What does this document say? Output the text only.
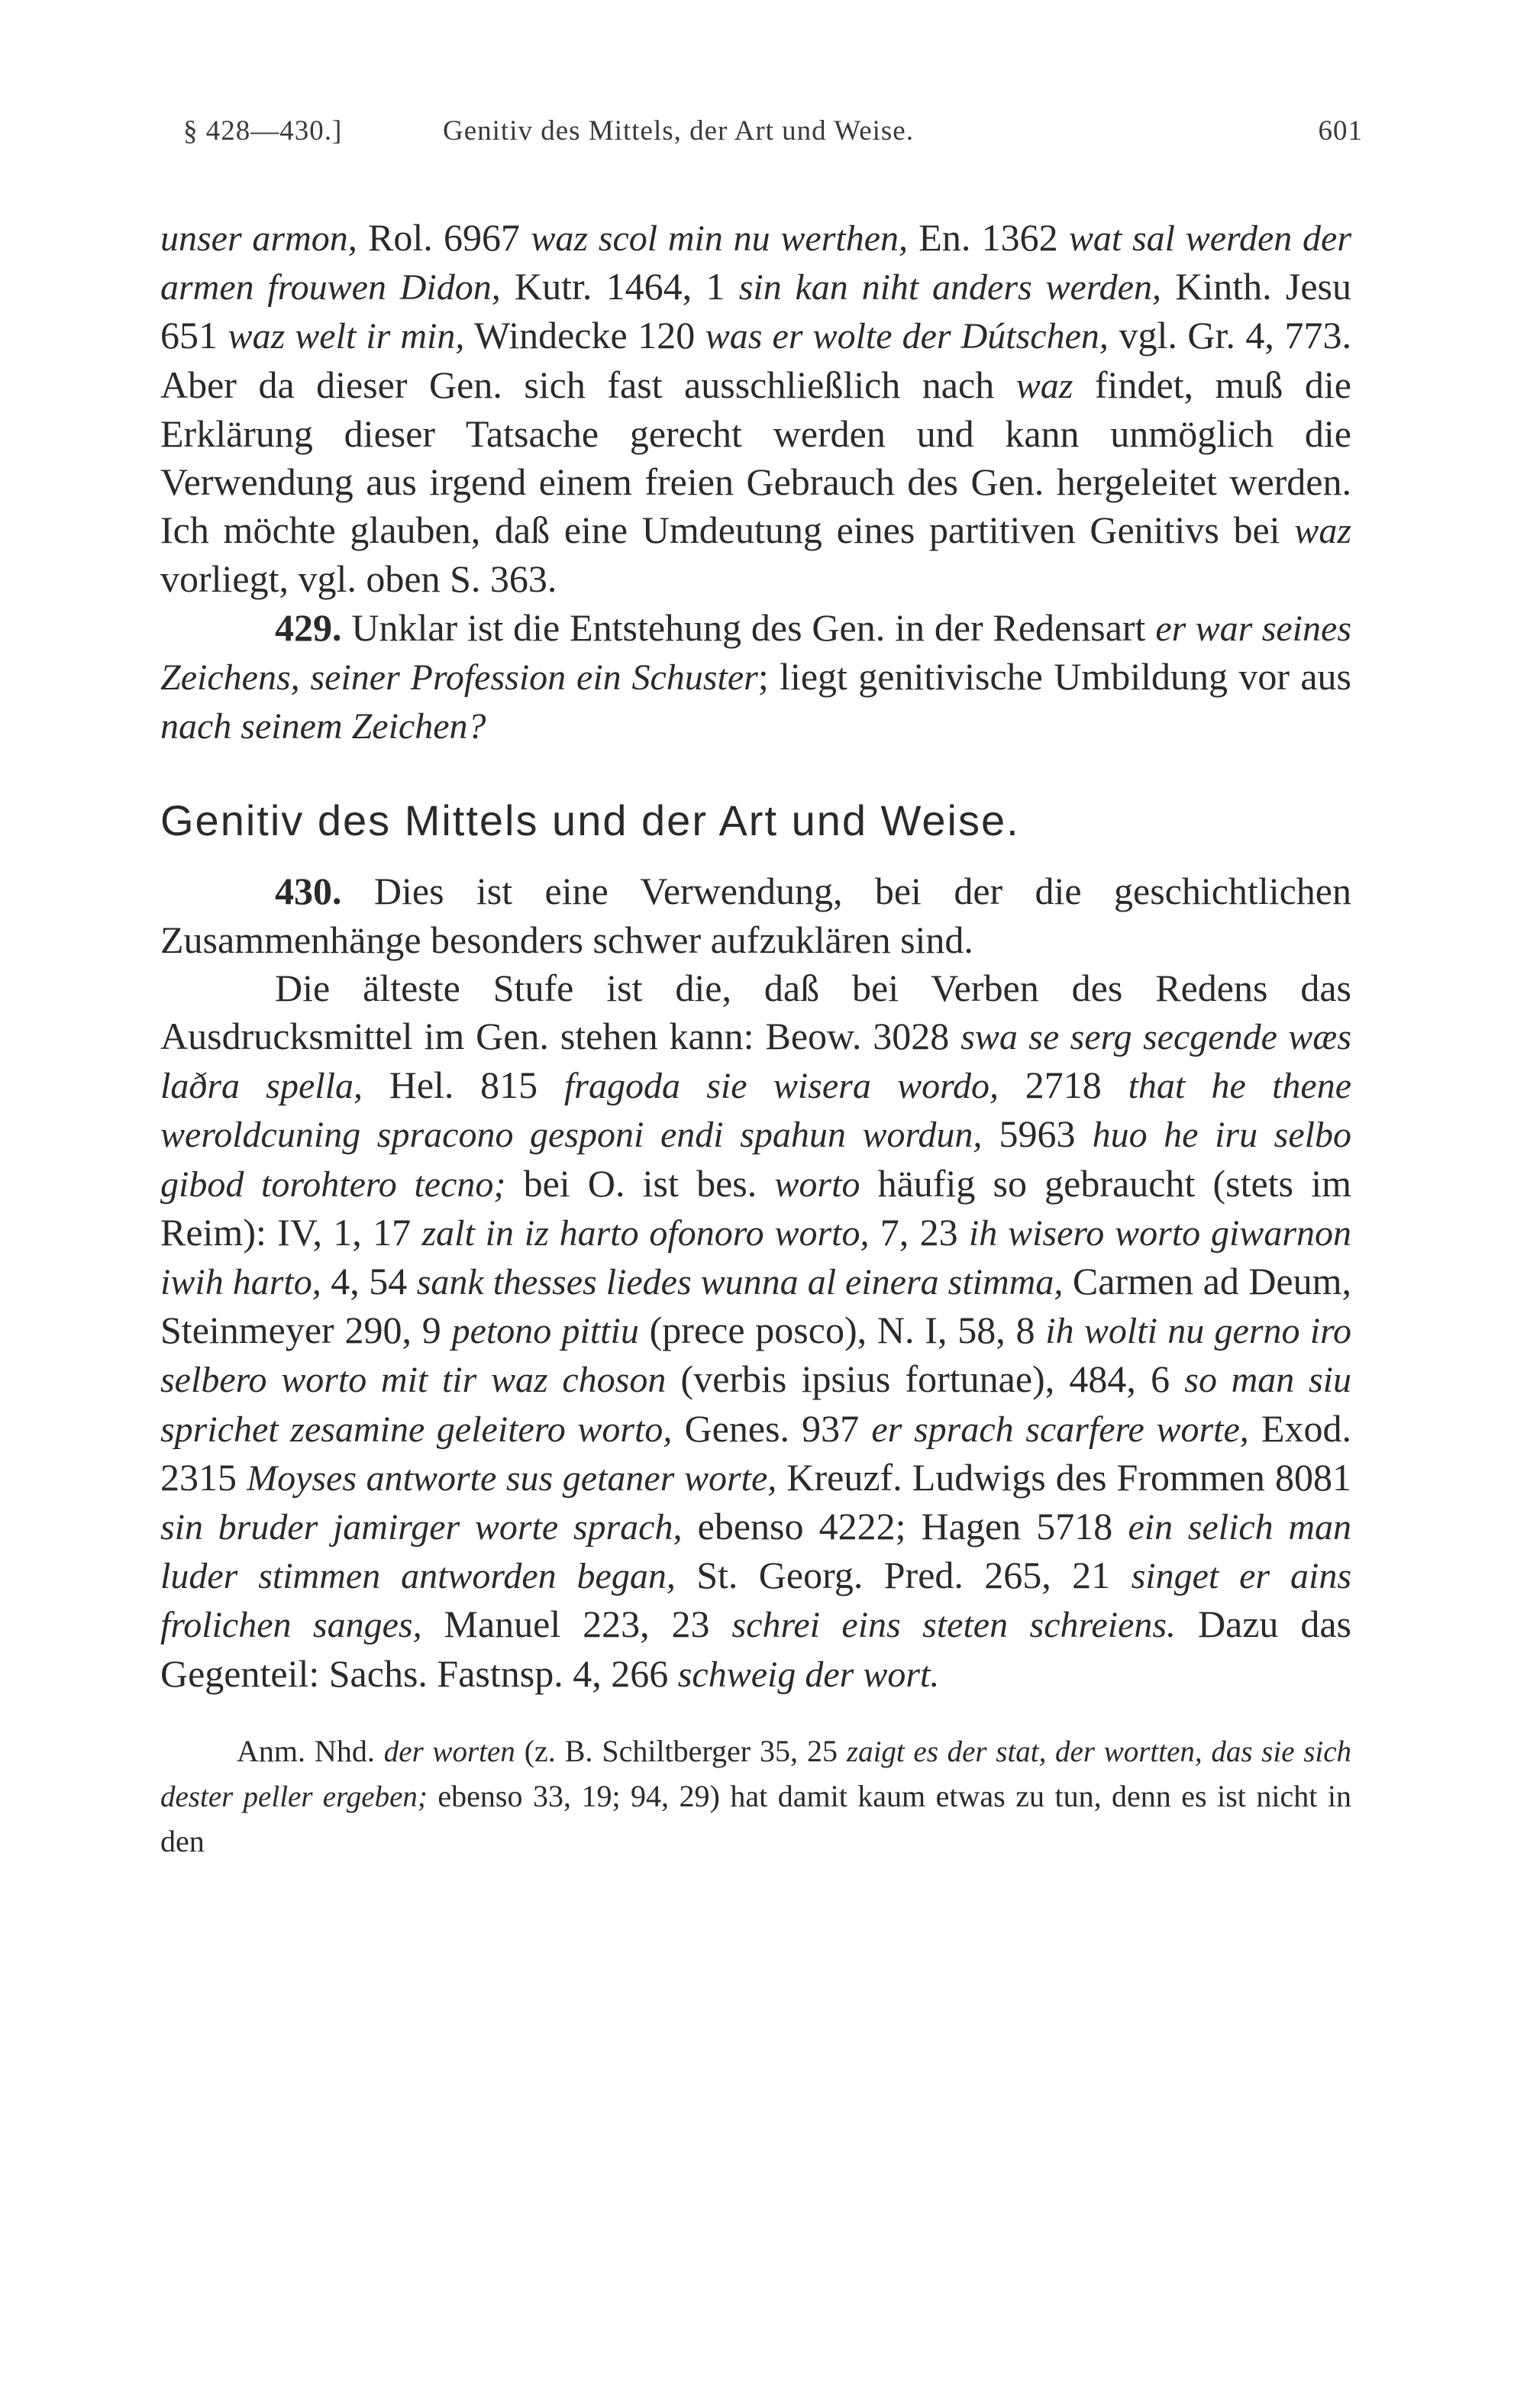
§ 428—430.]	Genitiv des Mittels, der Art und Weise.	601

unser armon, Rol. 6967 waz scol min nu werthen, En. 1362 wat sal werden der armen frouwen Didon, Kutr. 1464, 1 sin kan niht anders werden, Kinth. Jesu 651 waz welt ir min, Windecke 120 was er wolte der Dútschen, vgl. Gr. 4, 773. Aber da dieser Gen. sich fast ausschließlich nach waz findet, muß die Erklärung dieser Tatsache gerecht werden und kann unmöglich die Verwendung aus irgend einem freien Gebrauch des Gen. hergeleitet werden. Ich möchte glauben, daß eine Umdeutung eines partitiven Genitivs bei waz vorliegt, vgl. oben S. 363.

429. Unklar ist die Entstehung des Gen. in der Redensart er war seines Zeichens, seiner Profession ein Schuster; liegt genitivische Umbildung vor aus nach seinem Zeichen?

Genitiv des Mittels und der Art und Weise.

430. Dies ist eine Verwendung, bei der die geschichtlichen Zusammenhänge besonders schwer aufzuklären sind.

Die älteste Stufe ist die, daß bei Verben des Redens das Ausdrucksmittel im Gen. stehen kann: Beow. 3028 swa se serg secgende wæs laðra spella, Hel. 815 fragoda sie wisera wordo, 2718 that he thene weroldcuning spracono gesponi endi spahun wordun, 5963 huo he iru selbo gibod torohtero tecno; bei O. ist bes. worto häufig so gebraucht (stets im Reim): IV, 1, 17 zalt in iz harto ofonoro worto, 7, 23 ih wisero worto giwarnon iwih harto, 4, 54 sank thesses liedes wunna al einera stimma, Carmen ad Deum, Steinmeyer 290, 9 petono pittiu (prece posco), N. I, 58, 8 ih wolti nu gerno iro selbero worto mit tir waz choson (verbis ipsius fortunae), 484, 6 so man siu sprichet zesamine geleitero worto, Genes. 937 er sprach scarfere worte, Exod. 2315 Moyses antworte sus getaner worte, Kreuzf. Ludwigs des Frommen 8081 sin bruder jamirger worte sprach, ebenso 4222; Hagen 5718 ein selich man luder stimmen antworden began, St. Georg. Pred. 265, 21 singet er ains frolichen sanges, Manuel 223, 23 schrei eins steten schreiens. Dazu das Gegenteil: Sachs. Fastnsp. 4, 266 schweig der wort.

Anm. Nhd. der worten (z. B. Schiltberger 35, 25 zaigt es der stat, der wortten, das sie sich dester peller ergeben; ebenso 33, 19; 94, 29) hat damit kaum etwas zu tun, denn es ist nicht in den
